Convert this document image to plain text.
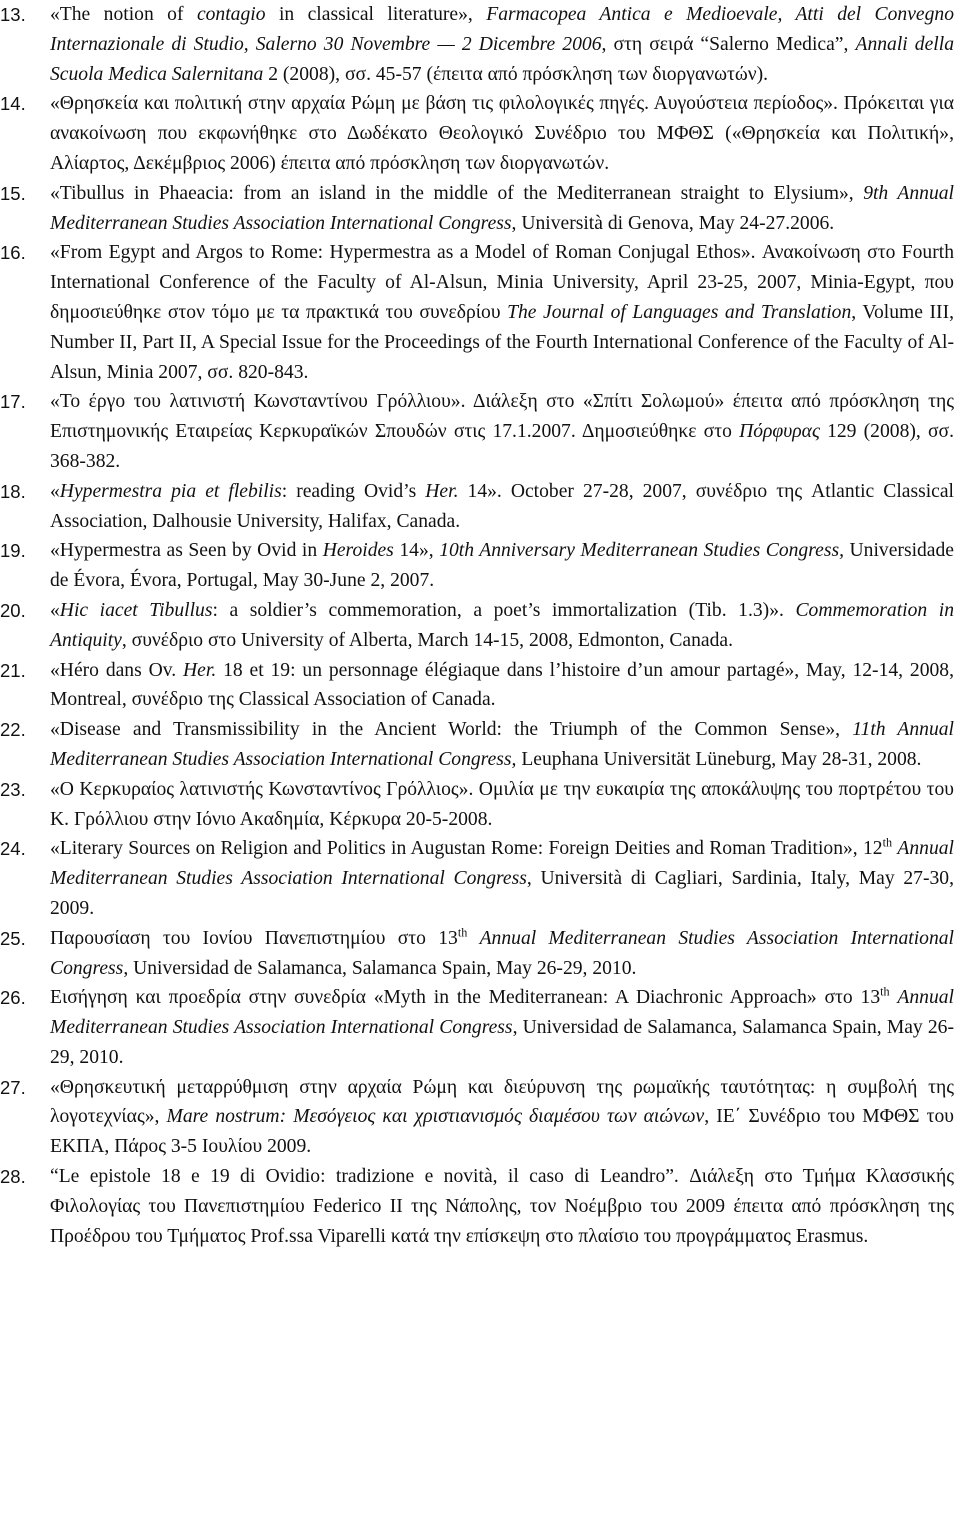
13.	«The notion of contagio in classical literature», Farmacopea Antica e Medioevale, Atti del Convegno Internazionale di Studio, Salerno 30 Novembre — 2 Dicembre 2006, στη σειρά “Salerno Medica”, Annali della Scuola Medica Salernitana 2 (2008), σσ. 45-57 (έπειτα από πρόσκληση των διοργανωτών).
14.	«Θρησκεία και πολιτική στην αρχαία Ρώμη με βάση τις φιλολογικές πηγές. Αυγούστεια περίοδος». Πρόκειται για ανακοίνωση που εκφωνήθηκε στο Δωδέκατο Θεολογικό Συνέδριο του ΜΦΘΣ («Θρησκεία και Πολιτική», Αλίαρτος, Δεκέμβριος 2006) έπειτα από πρόσκληση των διοργανωτών.
15.	«Tibullus in Phaeacia: from an island in the middle of the Mediterranean straight to Elysium», 9th Annual Mediterranean Studies Association International Congress, Università di Genova, May 24-27.2006.
16.	«From Egypt and Argos to Rome: Hypermestra as a Model of Roman Conjugal Ethos». Ανακοίνωση στο Fourth International Conference of the Faculty of Al-Alsun, Minia University, April 23-25, 2007, Minia-Egypt, που δημοσιεύθηκε στον τόμο με τα πρακτικά του συνεδρίου The Journal of Languages and Translation, Volume III, Number II, Part II, A Special Issue for the Proceedings of the Fourth International Conference of the Faculty of Al-Alsun, Minia 2007, σσ. 820-843.
17.	«Το έργο του λατινιστή Κωνσταντίνου Γρόλλιου». Διάλεξη στο «Σπίτι Σολωμού» έπειτα από πρόσκληση της Επιστημονικής Εταιρείας Κερκυραϊκών Σπουδών στις 17.1.2007. Δημοσιεύθηκε στο Πόρφυρας 129 (2008), σσ. 368-382.
18.	«Hypermestra pia et flebilis: reading Ovid’s Her. 14». October 27-28, 2007, συνέδριο της Atlantic Classical Association, Dalhousie University, Halifax, Canada.
19.	«Hypermestra as Seen by Ovid in Heroides 14», 10th Anniversary Mediterranean Studies Congress, Universidade de Évora, Évora, Portugal, May 30-June 2, 2007.
20.	«Hic iacet Tibullus: a soldier’s commemoration, a poet’s immortalization (Tib. 1.3)». Commemoration in Antiquity, συνέδριο στο University of Alberta, March 14-15, 2008, Edmonton, Canada.
21.	«Héro dans Ov. Her. 18 et 19: un personnage élégiaque dans l’histoire d’un amour partagé», May, 12-14, 2008, Montreal, συνέδριο της Classical Association of Canada.
22.	«Disease and Transmissibility in the Ancient World: the Triumph of the Common Sense», 11th Annual Mediterranean Studies Association International Congress, Leuphana Universität Lüneburg, May 28-31, 2008.
23.	«Ο Κερκυραίος λατινιστής Κωνσταντίνος Γρόλλιος». Ομιλία με την ευκαιρία της αποκάλυψης του πορτρέτου του Κ. Γρόλλιου στην Ιόνιο Ακαδημία, Κέρκυρα 20-5-2008.
24.	«Literary Sources on Religion and Politics in Augustan Rome: Foreign Deities and Roman Tradition», 12th Annual Mediterranean Studies Association International Congress, Università di Cagliari, Sardinia, Italy, May 27-30, 2009.
25.	Παρουσίαση του Ιονίου Πανεπιστημίου στο 13th Annual Mediterranean Studies Association International Congress, Universidad de Salamanca, Salamanca Spain, May 26-29, 2010.
26.	Εισήγηση και προεδρία στην συνεδρία «Myth in the Mediterranean: A Diachronic Approach» στο 13th Annual Mediterranean Studies Association International Congress, Universidad de Salamanca, Salamanca Spain, May 26-29, 2010.
27.	«Θρησκευτική μεταρρύθμιση στην αρχαία Ρώμη και διεύρυνση της ρωμαϊκής ταυτότητας: η συμβολή της λογοτεχνίας», Mare nostrum: Μεσόγειος και χριστιανισμός διαμέσου των αιώνων, ΙΕ΄ Συνέδριο του ΜΦΘΣ του ΕΚΠΑ, Πάρος 3-5 Ιουλίου 2009.
28.	“Le epistole 18 e 19 di Ovidio: tradizione e novità, il caso di Leandro”. Διάλεξη στο Τμήμα Κλασσικής Φιλολογίας του Πανεπιστημίου Federico II της Νάπολης, τον Νοέμβριο του 2009 έπειτα από πρόσκληση της Προέδρου του Τμήματος Prof.ssa Viparelli κατά την επίσκεψη στο πλαίσιο του προγράμματος Erasmus.
